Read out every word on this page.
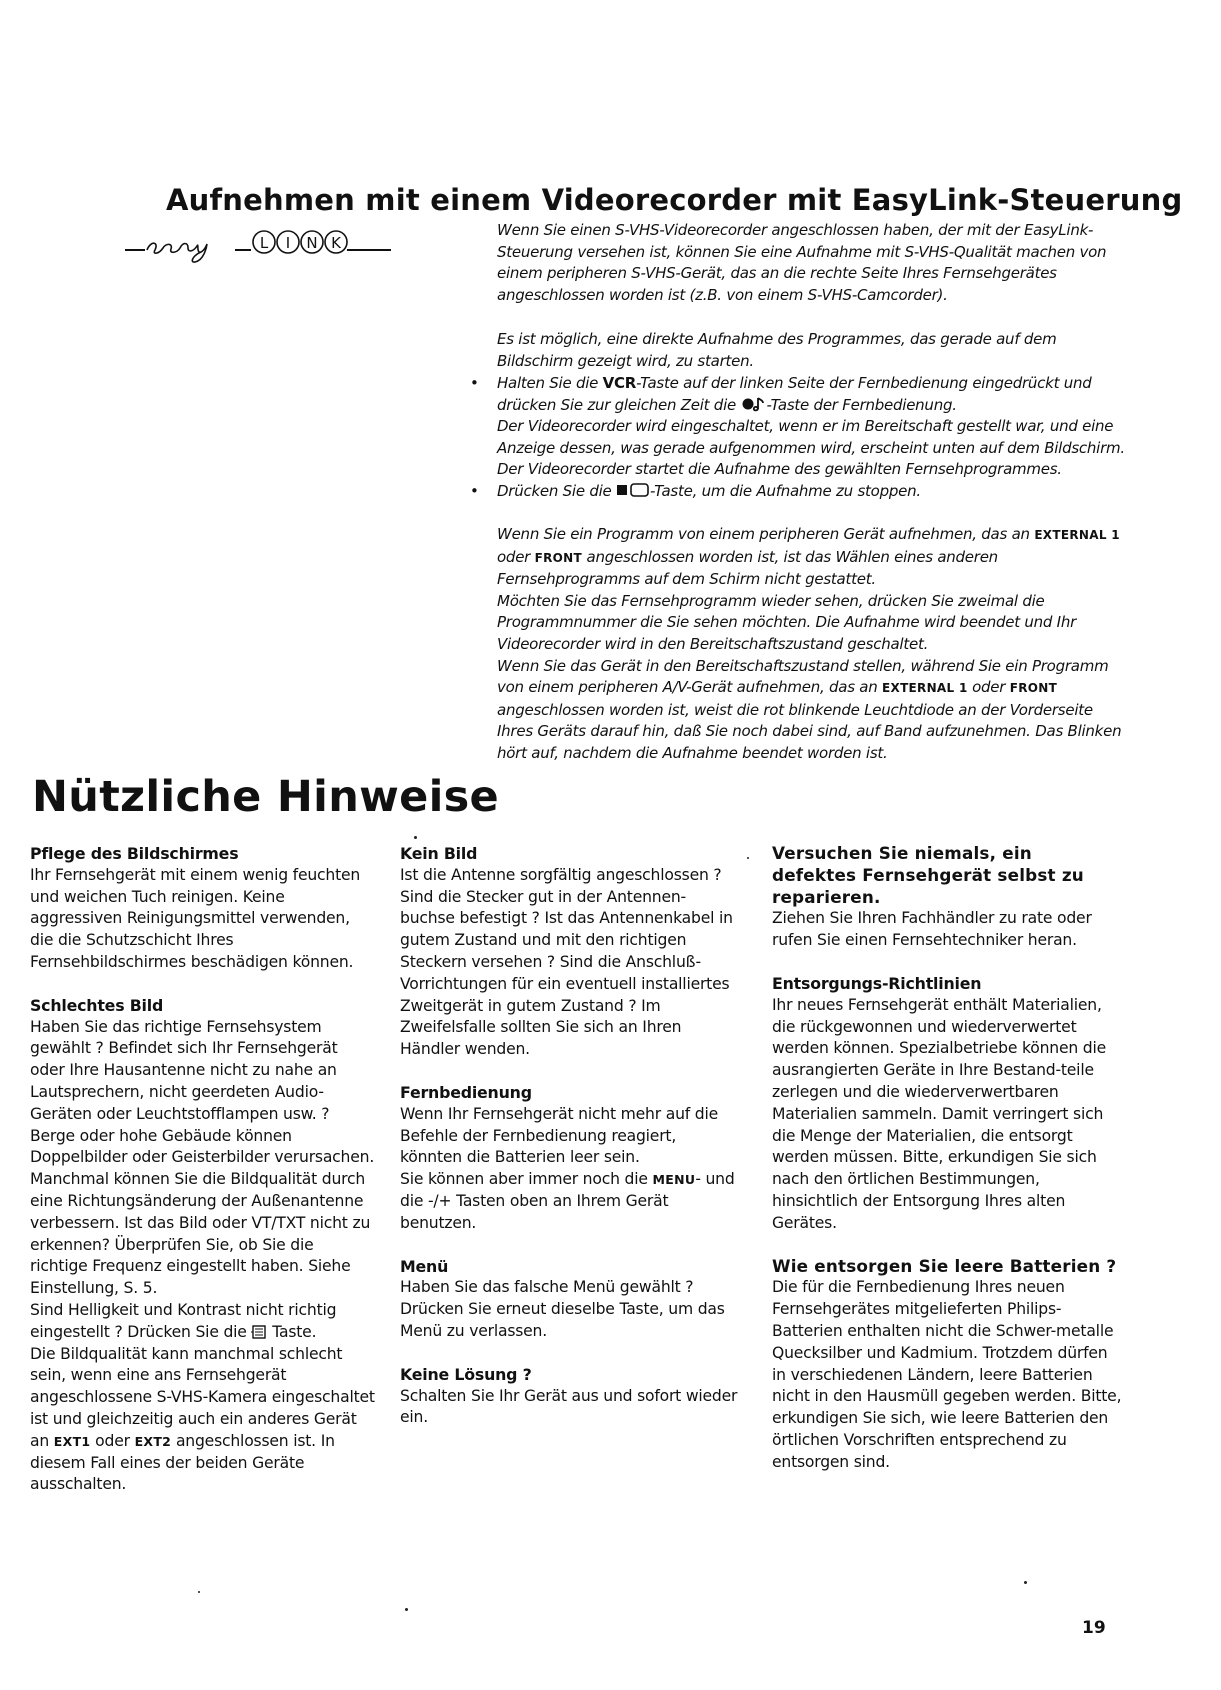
Aufnehmen mit einem Videorecorder mit EasyLink-Steuerung
L I N K
easy LINK

Wenn Sie einen S-VHS-Videorecorder angeschlossen haben, der mit der EasyLink-Steuerung versehen ist, können Sie eine Aufnahme mit S-VHS-Qualität machen von einem peripheren S-VHS-Gerät, das an die rechte Seite Ihres Fernsehgerätes angeschlossen worden ist (z.B. von einem S-VHS-Camcorder).

Es ist möglich, eine direkte Aufnahme des Programmes, das gerade auf dem Bildschirm gezeigt wird, zu starten.

• Halten Sie die VCR-Taste auf der linken Seite der Fernbedienung eingedrückt und drücken Sie zur gleichen Zeit die -Taste der Fernbedienung.

Der Videorecorder wird eingeschaltet, wenn er im Bereitschaft gestellt war, und eine Anzeige dessen, was gerade aufgenommen wird, erscheint unten auf dem Bildschirm.

Der Videorecorder startet die Aufnahme des gewählten Fernsehprogrammes.

• Drücken Sie die	-Taste, um die Aufnahme zu stoppen.

Wenn Sie ein Programm von einem peripheren Gerät aufnehmen, das an EXTERNAL 1 oder FRONT angeschlossen worden ist, ist das Wählen eines anderen Fernsehprogramms auf dem Schirm nicht gestattet.

Möchten Sie das Fernsehprogramm wieder sehen, drücken Sie zweimal die Programmnummer die Sie sehen möchten. Die Aufnahme wird beendet und Ihr Videorecorder wird in den Bereitschaftszustand geschaltet.

Wenn Sie das Gerät in den Bereitschaftszustand stellen, während Sie ein Programm von einem peripheren A/V-Gerät aufnehmen, das an EXTERNAL 1 oder FRONT angeschlossen worden ist, weist die rot blinkende Leuchtdiode an der Vorderseite Ihres Geräts darauf hin, daß Sie noch dabei sind, auf Band aufzunehmen. Das Blinken hört auf, nachdem die Aufnahme beendet worden ist.

Nützliche Hinweise
Pflege des Bildschirmes

Ihr Fernsehgerät mit einem wenig feuchten und weichen Tuch reinigen. Keine aggressiven Reinigungsmittel verwenden, die die Schutzschicht Ihres Fernsehbildschirmes beschädigen können.

Schlechtes Bild

Haben Sie das richtige Fernsehsystem gewählt ? Befindet sich Ihr Fernsehgerät oder Ihre Hausantenne nicht zu nahe an Lautsprechern, nicht geerdeten Audio-Geräten oder Leuchtstofflampen usw. ? Berge oder hohe Gebäude können Doppelbilder oder Geisterbilder verursachen. Manchmal können Sie die Bildqualität durch eine Richtungsänderung der Außenantenne verbessern. Ist das Bild oder VT/TXT nicht zu erkennen? Überprüfen Sie, ob Sie die richtige Frequenz eingestellt haben. Siehe Einstellung, S. 5.

Sind Helligkeit und Kontrast nicht richtig eingestellt ? Drücken Sie die Taste.

Die Bildqualität kann manchmal schlecht sein, wenn eine ans Fernsehgerät angeschlossene S-VHS-Kamera eingeschaltet ist und gleichzeitig auch ein anderes Gerät an EXT1 oder EXT2 angeschlossen ist. In diesem Fall eines der beiden Geräte ausschalten.

Kein Bild

Ist die Antenne sorgfältig angeschlossen ? Sind die Stecker gut in der Antennen-buchse befestigt ? Ist das Antennenkabel in gutem Zustand und mit den richtigen Steckern versehen ? Sind die Anschluß-Vorrichtungen für ein eventuell installiertes Zweitgerät in gutem Zustand ? Im Zweifelsfalle sollten Sie sich an Ihren Händler wenden.

Fernbedienung

Wenn Ihr Fernsehgerät nicht mehr auf die Befehle der Fernbedienung reagiert, könnten die Batterien leer sein.

Sie können aber immer noch die MENU- und die -/+ Tasten oben an Ihrem Gerät benutzen.

Menü

Haben Sie das falsche Menü gewählt ? Drücken Sie erneut dieselbe Taste, um das Menü zu verlassen.

Keine Lösung ?

Schalten Sie Ihr Gerät aus und sofort wieder ein.

Versuchen Sie niemals, ein defektes Fernsehgerät selbst zu reparieren.

Ziehen Sie Ihren Fachhändler zu rate oder rufen Sie einen Fernsehtechniker heran.

Entsorgungs-Richtlinien

Ihr neues Fernsehgerät enthält Materialien, die rückgewonnen und wiederverwertet werden können. Spezialbetriebe können die ausrangierten Geräte in Ihre Bestand-teile zerlegen und die wiederverwertbaren Materialien sammeln. Damit verringert sich die Menge der Materialien, die entsorgt werden müssen. Bitte, erkundigen Sie sich nach den örtlichen Bestimmungen, hinsichtlich der Entsorgung Ihres alten Gerätes.

Wie entsorgen Sie leere Batterien ?

Die für die Fernbedienung Ihres neuen Fernsehgerätes mitgelieferten Philips-Batterien enthalten nicht die Schwer-metalle Quecksilber und Kadmium. Trotzdem dürfen in verschiedenen Ländern, leere Batterien nicht in den Hausmüll gegeben werden. Bitte, erkundigen Sie sich, wie leere Batterien den örtlichen Vorschriften entsprechend zu entsorgen sind.

19
